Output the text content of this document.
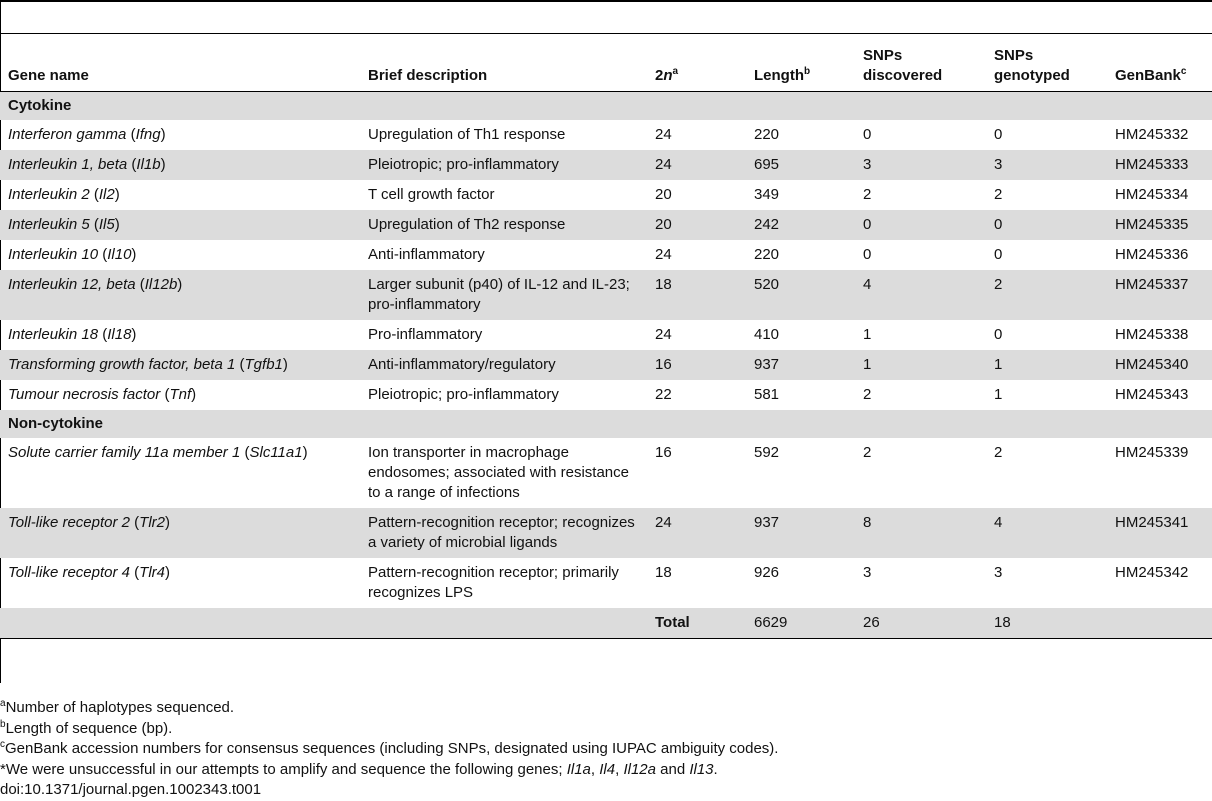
Gene name	Brief description	$2n^a$	Length$^b$	SNPs discovered	SNPs genotyped	GenBank$^c$
Cytokine						
Interferon gamma (Ifng)	Upregulation of Th1 response	24	220	0	0	HM245332
Interleukin 1, beta (Il1b)	Pleiotropic; pro-inflammatory	24	695	3	3	HM245333
Interleukin 2 (Il2)	T cell growth factor	20	349	2	2	HM245334
Interleukin 5 (Il5)	Upregulation of Th2 response	20	242	0	0	HM245335
Interleukin 10 (Il10)	Anti-inflammatory	24	220	0	0	HM245336
Interleukin 12, beta (Il12b)	Larger subunit (p40) of IL-12 and IL-23; pro-inflammatory	18	520	4	2	HM245337
Interleukin 18 (Il18)	Pro-inflammatory	24	410	1	0	HM245338
Transforming growth factor, beta 1 (Tgfb1)	Anti-inflammatory/regulatory	16	937	1	1	HM245340
Tumour necrosis factor (Tnf)	Pleiotropic; pro-inflammatory	22	581	2	1	HM245343
Non-cytokine						
Solute carrier family 11a member 1 (Slc11a1)	Ion transporter in macrophage endosomes; associated with resistance to a range of infections	16	592	2	2	HM245339
Toll-like receptor 2 (Tlr2)	Pattern-recognition receptor; recognizes a variety of microbial ligands	24	937	8	4	HM245341
Toll-like receptor 4 (Tlr4)	Pattern-recognition receptor; primarily recognizes LPS	18	926	3	3	HM245342
		Total	6629	26	18	
$^a$Number of haplotypes sequenced.
$^b$Length of sequence (bp).
$^c$GenBank accession numbers for consensus sequences (including SNPs, designated using IUPAC ambiguity codes).
*We were unsuccessful in our attempts to amplify and sequence the following genes; Il1a, Il4, Il12a and Il13.
doi:10.1371/journal.pgen.1002343.t001
